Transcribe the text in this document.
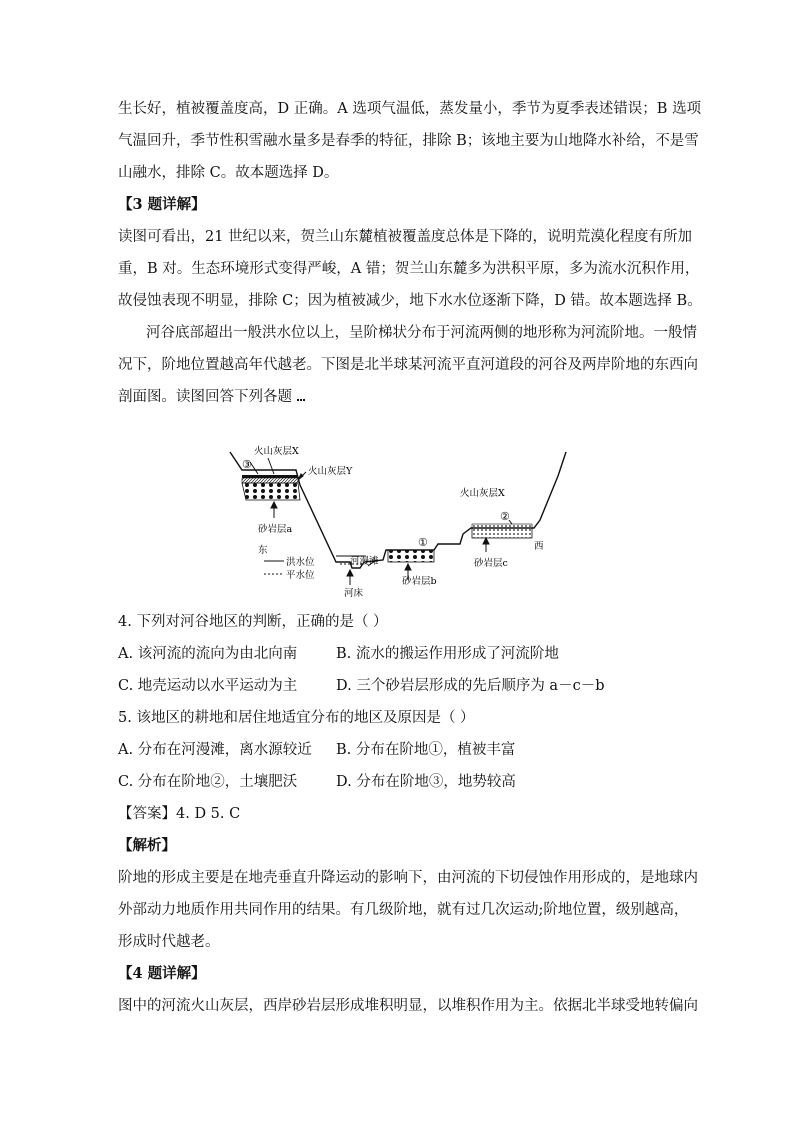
生长好，植被覆盖度高，D 正确。A 选项气温低，蒸发量小，季节为夏季表述错误；B 选项
气温回升，季节性积雪融水量多是春季的特征，排除 B；该地主要为山地降水补给，不是雪
山融水，排除 C。故本题选择 D。
【3 题详解】
读图可看出，21 世纪以来，贺兰山东麓植被覆盖度总体是下降的，说明荒漠化程度有所加
重，B 对。生态环境形式变得严峻，A 错；贺兰山东麓多为洪积平原，多为流水沉积作用，
故侵蚀表现不明显，排除 C；因为植被减少，地下水水位逐渐下降，D 错。故本题选择 B。
河谷底部超出一般洪水位以上，呈阶梯状分布于河流两侧的地形称为河流阶地。一般情
况下，阶地位置越高年代越老。下图是北半球某河流平直河道段的河谷及两岸阶地的东西向
剖面图。读图回答下列各题
火山灰层X
③
火山灰层Y
砂岩层a
东
洪水位
平水位
河漫滩
河床
①
砂岩层b
火山灰层X
②
砂岩层c
西
4. 下列对河谷地区的判断，正确的是（ ）
A. 该河流的流向为由北向南	B. 流水的搬运作用形成了河流阶地
C. 地壳运动以水平运动为主	D. 三个砂岩层形成的先后顺序为 a－c－b
5. 该地区的耕地和居住地适宜分布的地区及原因是（ ）
A. 分布在河漫滩，离水源较近 B. 分布在阶地①，植被丰富
C. 分布在阶地②，土壤肥沃	D. 分布在阶地③，地势较高
【答案】4. D 5. C
【解析】
阶地的形成主要是在地壳垂直升降运动的影响下，由河流的下切侵蚀作用形成的，是地球内
外部动力地质作用共同作用的结果。有几级阶地，就有过几次运动;阶地位置，级别越高，
形成时代越老。
【4 题详解】
图中的河流火山灰层，西岸砂岩层形成堆积明显，以堆积作用为主。依据北半球受地转偏向
